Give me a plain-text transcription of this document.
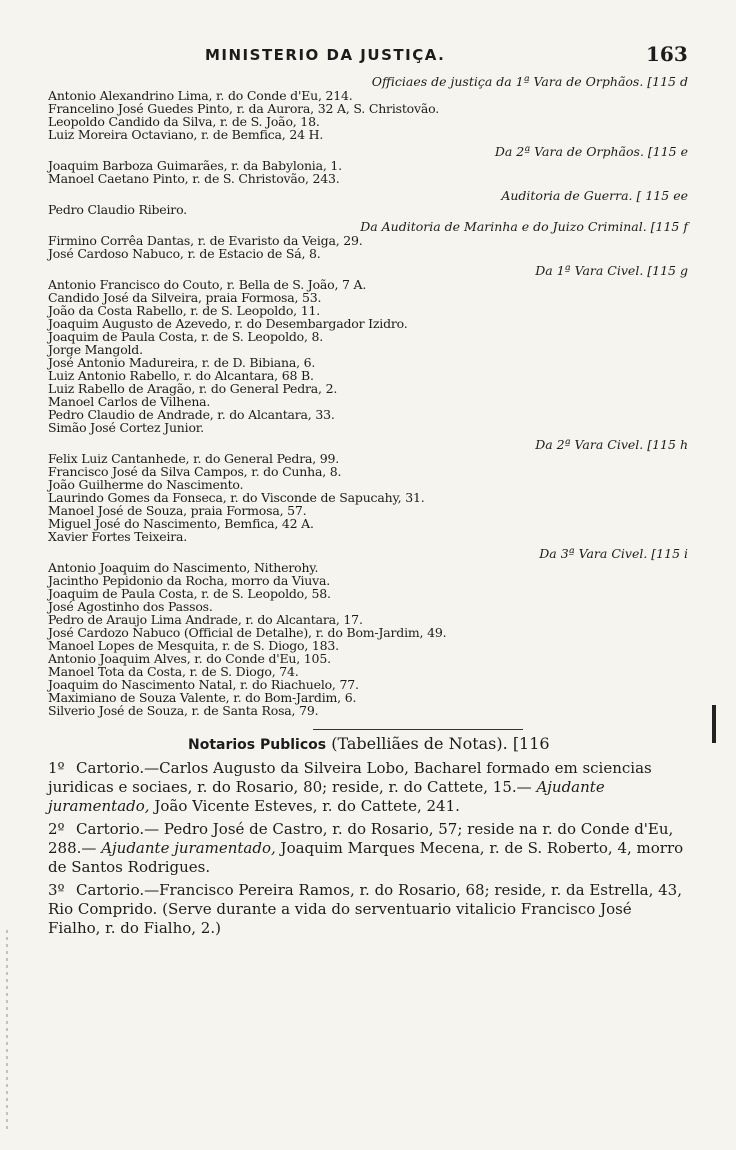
MINISTERIO DA JUSTIÇA.	163
Officiaes de justiça da 1ª Vara de Orphãos. [115 d
Antonio Alexandrino Lima, r. do Conde d'Eu, 214.
Francelino José Guedes Pinto, r. da Aurora, 32 A, S. Christovão.
Leopoldo Candido da Silva, r. de S. João, 18.
Luiz Moreira Octaviano, r. de Bemfica, 24 H.
Da 2ª Vara de Orphãos. [115 e
Joaquim Barboza Guimarães, r. da Babylonia, 1.
Manoel Caetano Pinto, r. de S. Christovão, 243.
Auditoria de Guerra. [ 115 ee
Pedro Claudio Ribeiro.
Da Auditoria de Marinha e do Juizo Criminal. [115 f
Firmino Corrêa Dantas, r. de Evaristo da Veiga, 29.
José Cardoso Nabuco, r. de Estacio de Sá, 8.
Da 1ª Vara Civel. [115 g
Antonio Francisco do Couto, r. Bella de S. João, 7 A.
Candido José da Silveira, praia Formosa, 53.
João da Costa Rabello, r. de S. Leopoldo, 11.
Joaquim Augusto de Azevedo, r. do Desembargador Izidro.
Joaquim de Paula Costa, r. de S. Leopoldo, 8.
Jorge Mangold.
José Antonio Madureira, r. de D. Bibiana, 6.
Luiz Antonio Rabello, r. do Alcantara, 68 B.
Luiz Rabello de Aragão, r. do General Pedra, 2.
Manoel Carlos de Vilhena.
Pedro Claudio de Andrade, r. do Alcantara, 33.
Simão José Cortez Junior.
Da 2ª Vara Civel. [115 h
Felix Luiz Cantanhede, r. do General Pedra, 99.
Francisco José da Silva Campos, r. do Cunha, 8.
João Guilherme do Nascimento.
Laurindo Gomes da Fonseca, r. do Visconde de Sapucahy, 31.
Manoel José de Souza, praia Formosa, 57.
Miguel José do Nascimento, Bemfica, 42 A.
Xavier Fortes Teixeira.
Da 3ª Vara Civel. [115 i
Antonio Joaquim do Nascimento, Nitherohy.
Jacintho Pepidonio da Rocha, morro da Viuva.
Joaquim de Paula Costa, r. de S. Leopoldo, 58.
José Agostinho dos Passos.
Pedro de Araujo Lima Andrade, r. do Alcantara, 17.
José Cardozo Nabuco (Official de Detalhe), r. do Bom-Jardim, 49.
Manoel Lopes de Mesquita, r. de S. Diogo, 183.
Antonio Joaquim Alves, r. do Conde d'Eu, 105.
Manoel Tota da Costa, r. de S. Diogo, 74.
Joaquim do Nascimento Natal, r. do Riachuelo, 77.
Maximiano de Souza Valente, r. do Bom-Jardim, 6.
Silverio José de Souza, r. de Santa Rosa, 79.
Notarios Publicos (Tabelliães de Notas). [116
1º Cartorio.—Carlos Augusto da Silveira Lobo, Bacharel formado em sciencias juridicas e sociaes, r. do Rosario, 80; reside, r. do Cattete, 15.— Ajudante juramentado, João Vicente Esteves, r. do Cattete, 241.
2º Cartorio.— Pedro José de Castro, r. do Rosario, 57; reside na r. do Conde d'Eu, 288.— Ajudante juramentado, Joaquim Marques Mecena, r. de S. Roberto, 4, morro de Santos Rodrigues.
3º Cartorio.—Francisco Pereira Ramos, r. do Rosario, 68; reside, r. da Estrella, 43, Rio Comprido. (Serve durante a vida do serventuario vitalicio Francisco José Fialho, r. do Fialho, 2.)
